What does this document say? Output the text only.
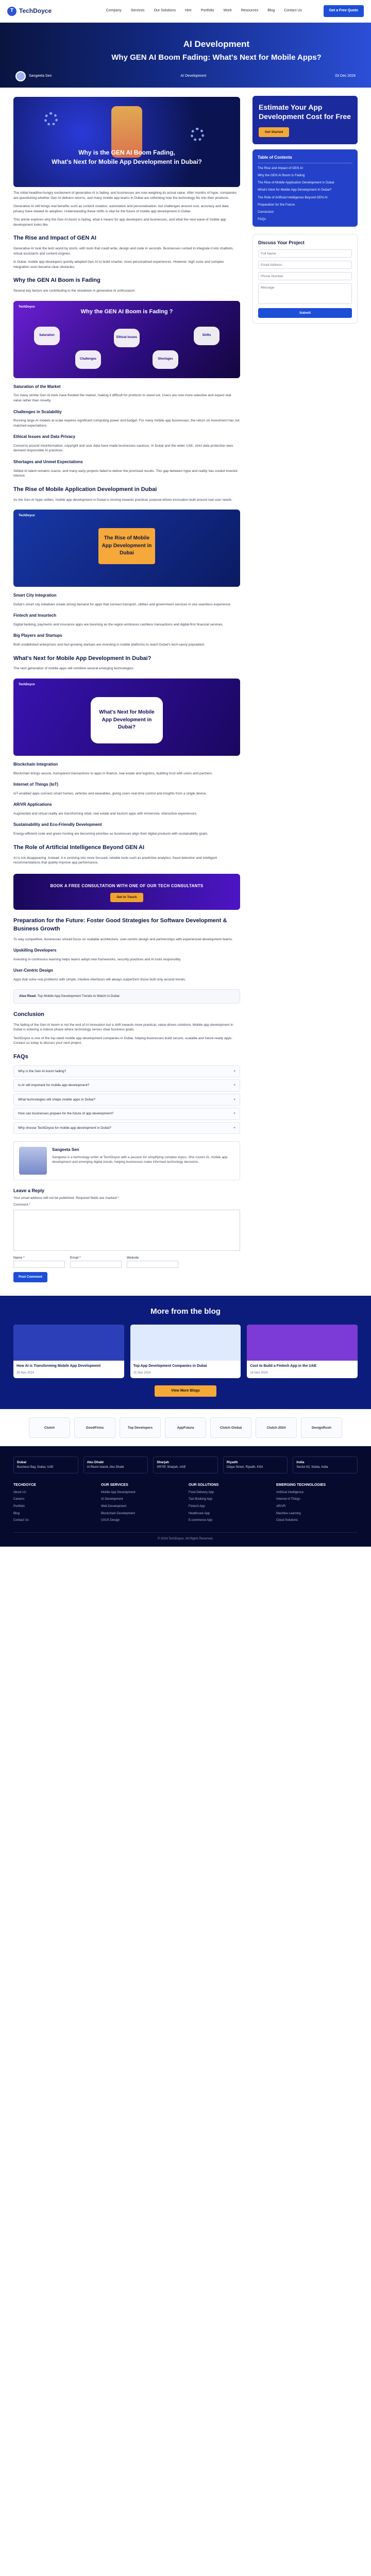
T TechDoyce	Company	Services	Our Solutions	Hire	Portfolio	Work	Resources	Blog	Contact Us	Get a Free Quote
AI Development
Why GEN AI Boom Fading: What's Next for Mobile Apps?
Sangeeta Sen	AI Development	03 Dec 2024
Why is the GEN AI Boom Fading,
What's Next for Mobile App Development in Dubai?

The initial headline-hungry excitement of generative AI is fading, and businesses are now weighing its actual value. After months of hype, companies are questioning whether Gen AI delivers returns, and many mobile app teams in Dubai are rethinking how the technology fits into their products.

Generative AI still brings real benefits such as content creation, automation and personalisation, but challenges around cost, accuracy and data privacy have slowed its adoption. Understanding these shifts is vital for the future of mobile app development in Dubai.

This article explores why the Gen AI boom is fading, what it means for app developers and businesses, and what the next wave of mobile app development looks like.

The Rise and Impact of GEN AI

Generative AI took the tech world by storm, with tools that could write, design and code in seconds. Businesses rushed to integrate it into chatbots, virtual assistants and content engines.

In Dubai, mobile app developers quickly adopted Gen AI to build smarter, more personalised experiences. However, high costs and complex integration soon became clear obstacles.

Why the GEN AI Boom is Fading

Several key factors are contributing to the slowdown in generative AI enthusiasm:

TechDoyce
Why the GEN AI Boom is Fading ?
Saturation
Challenges
Ethical Issues
Shortages
Shifts
Saturation of the Market

Too many similar Gen AI tools have flooded the market, making it difficult for products to stand out. Users are now more selective and expect real value rather than novelty.

Challenges in Scalability

Running large AI models at scale requires significant computing power and budget. For many mobile app businesses, the return on investment has not matched expectations.

Ethical Issues and Data Privacy

Concerns around misinformation, copyright and user data have made businesses cautious. In Dubai and the wider UAE, strict data protection laws demand responsible AI practices.

Shortages and Unmet Expectations

Skilled AI talent remains scarce, and many early projects failed to deliver the promised results. This gap between hype and reality has cooled investor interest.

The Rise of Mobile Application Development in Dubai

As the Gen AI hype settles, mobile app development in Dubai is moving towards practical, purpose-driven innovation built around real user needs.

TechDoyce
The Rise of Mobile App Development in Dubai
Smart City Integration

Dubai's smart city initiatives create strong demand for apps that connect transport, utilities and government services in one seamless experience.

Fintech and Insurtech

Digital banking, payments and insurance apps are booming as the region embraces cashless transactions and digital-first financial services.

Big Players and Startups

Both established enterprises and fast-growing startups are investing in mobile platforms to reach Dubai's tech-savvy population.

What's Next for Mobile App Development In Dubai?

The next generation of mobile apps will combine several emerging technologies:

TechDoyce
What's Next for Mobile App Development in Dubai?
Blockchain Integration

Blockchain brings secure, transparent transactions to apps in finance, real estate and logistics, building trust with users and partners.

Internet of Things (IoT)

IoT-enabled apps connect smart homes, vehicles and wearables, giving users real-time control and insights from a single device.

AR/VR Applications

Augmented and virtual reality are transforming retail, real estate and tourism apps with immersive, interactive experiences.

Sustainability and Eco-Friendly Development

Energy-efficient code and green hosting are becoming priorities as businesses align their digital products with sustainability goals.

The Role of Artificial Intelligence Beyond GEN AI

AI is not disappearing. Instead, it is evolving into more focused, reliable tools such as predictive analytics, fraud detection and intelligent recommendations that quietly improve app performance.

BOOK A FREE CONSULTATION WITH ONE OF OUR TECH CONSULTANTS
Get In Touch
Preparation for the Future: Foster Good Strategies for Software Development & Business Growth

To stay competitive, businesses should focus on scalable architecture, user-centric design and partnerships with experienced development teams.

Upskilling Developers

Investing in continuous learning helps teams adopt new frameworks, security practices and AI tools responsibly.

User-Centric Design

Apps that solve real problems with simple, intuitive interfaces will always outperform those built only around trends.

Also Read: Top Mobile App Development Trends to Watch in Dubai
Conclusion

The fading of the Gen AI boom is not the end of AI innovation but a shift towards more practical, value-driven solutions. Mobile app development in Dubai is entering a mature phase where technology serves clear business goals.

TechDoyce is one of the top-rated mobile app development companies in Dubai, helping businesses build secure, scalable and future-ready apps. Contact us today to discuss your next project.

FAQs
Why is the Gen AI boom fading?	+
Is AI still important for mobile app development?	+
What technologies will shape mobile apps in Dubai?	+
How can businesses prepare for the future of app development?	+
Why choose TechDoyce for mobile app development in Dubai?	+
Sangeeta Sen
Sangeeta is a technology writer at TechDoyce with a passion for simplifying complex topics. She covers AI, mobile app development and emerging digital trends, helping businesses make informed technology decisions.
Leave a Reply

Your email address will not be published. Required fields are marked *

Comment *

Name *	Email *	Website

Post Comment
Estimate Your App Development Cost for Free
Get Started
Table of Contents
The Rise and Impact of GEN AI
Why the GEN AI Boom is Fading
The Rise of Mobile Application Development in Dubai
What's Next for Mobile App Development In Dubai?
The Role of Artificial Intelligence Beyond GEN AI
Preparation for the Future
Conclusion
FAQs
Discuss Your Project
Full Name
Email Address
Phone Number
Message
Submit
More from the blog
How AI is Transforming Mobile App Development
28 Nov 2024
Top App Development Companies in Dubai
21 Nov 2024
Cost to Build a Fintech App in the UAE
14 Nov 2024
View More Blogs
Clutch	GoodFirms	Top Developers	AppFutura	Clutch Global	Clutch 2024	DesignRush
Dubai
Business Bay, Dubai, UAE
Abu Dhabi
Al Reem Island, Abu Dhabi
Sharjah
SRTIP, Sharjah, UAE
Riyadh
Olaya Street, Riyadh, KSA
India
Sector 62, Noida, India
TECHDOYCE
About Us
Careers
Portfolio
Blog
Contact Us
OUR SERVICES
Mobile App Development
AI Development
Web Development
Blockchain Development
UI/UX Design
OUR SOLUTIONS
Food Delivery App
Taxi Booking App
Fintech App
Healthcare App
E-commerce App
EMERGING TECHNOLOGIES
Artificial Intelligence
Internet of Things
AR/VR
Machine Learning
Cloud Solutions
© 2024 TechDoyce. All Rights Reserved.
